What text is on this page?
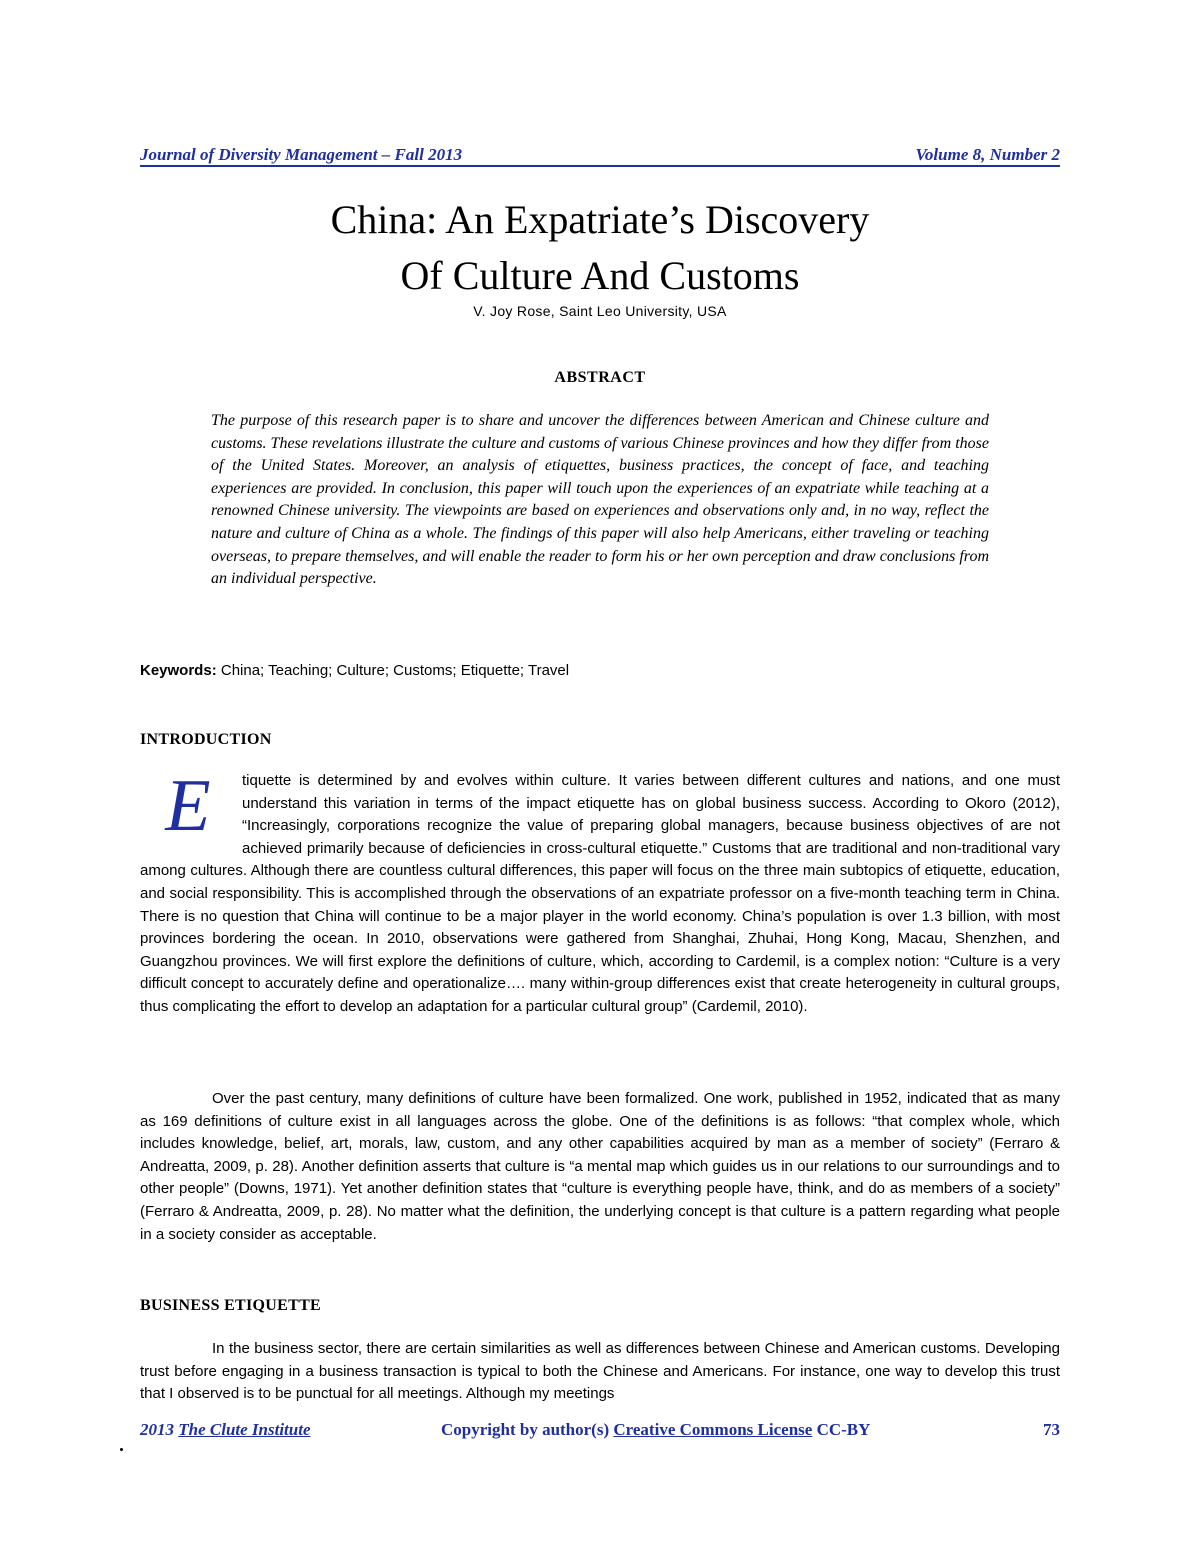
Journal of Diversity Management – Fall 2013	Volume 8, Number 2
China: An Expatriate’s Discovery
Of Culture And Customs
V. Joy Rose, Saint Leo University, USA
ABSTRACT

The purpose of this research paper is to share and uncover the differences between American and Chinese culture and customs. These revelations illustrate the culture and customs of various Chinese provinces and how they differ from those of the United States. Moreover, an analysis of etiquettes, business practices, the concept of face, and teaching experiences are provided. In conclusion, this paper will touch upon the experiences of an expatriate while teaching at a renowned Chinese university. The viewpoints are based on experiences and observations only and, in no way, reflect the nature and culture of China as a whole. The findings of this paper will also help Americans, either traveling or teaching overseas, to prepare themselves, and will enable the reader to form his or her own perception and draw conclusions from an individual perspective.

Keywords: China; Teaching; Culture; Customs; Etiquette; Travel
INTRODUCTION
E	tiquette is determined by and evolves within culture. It varies between different cultures and nations, and one must understand this variation in terms of the impact etiquette has on global business success. According to Okoro (2012), “Increasingly, corporations recognize the value of preparing global managers, because business objectives of are not achieved primarily because of deficiencies in cross-cultural etiquette.” Customs that are traditional and non-traditional vary among cultures. Although there are countless cultural differences, this paper will focus on the three main subtopics of etiquette, education, and social responsibility. This is accomplished through the observations of an expatriate professor on a five-month teaching term in China. There is no question that China will continue to be a major player in the world economy. China’s population is over 1.3 billion, with most provinces bordering the ocean. In 2010, observations were gathered from Shanghai, Zhuhai, Hong Kong, Macau, Shenzhen, and Guangzhou provinces. We will first explore the definitions of culture, which, according to Cardemil, is a complex notion: “Culture is a very difficult concept to accurately define and operationalize…. many within-group differences exist that create heterogeneity in cultural groups, thus complicating the effort to develop an adaptation for a particular cultural group” (Cardemil, 2010).

Over the past century, many definitions of culture have been formalized. One work, published in 1952, indicated that as many as 169 definitions of culture exist in all languages across the globe. One of the definitions is as follows: “that complex whole, which includes knowledge, belief, art, morals, law, custom, and any other capabilities acquired by man as a member of society” (Ferraro & Andreatta, 2009, p. 28). Another definition asserts that culture is “a mental map which guides us in our relations to our surroundings and to other people” (Downs, 1971). Yet another definition states that “culture is everything people have, think, and do as members of a society” (Ferraro & Andreatta, 2009, p. 28). No matter what the definition, the underlying concept is that culture is a pattern regarding what people in a society consider as acceptable.

BUSINESS ETIQUETTE

In the business sector, there are certain similarities as well as differences between Chinese and American customs. Developing trust before engaging in a business transaction is typical to both the Chinese and Americans. For instance, one way to develop this trust that I observed is to be punctual for all meetings. Although my meetings

2013 The Clute Institute	Copyright by author(s) Creative Commons License CC-BY	73
